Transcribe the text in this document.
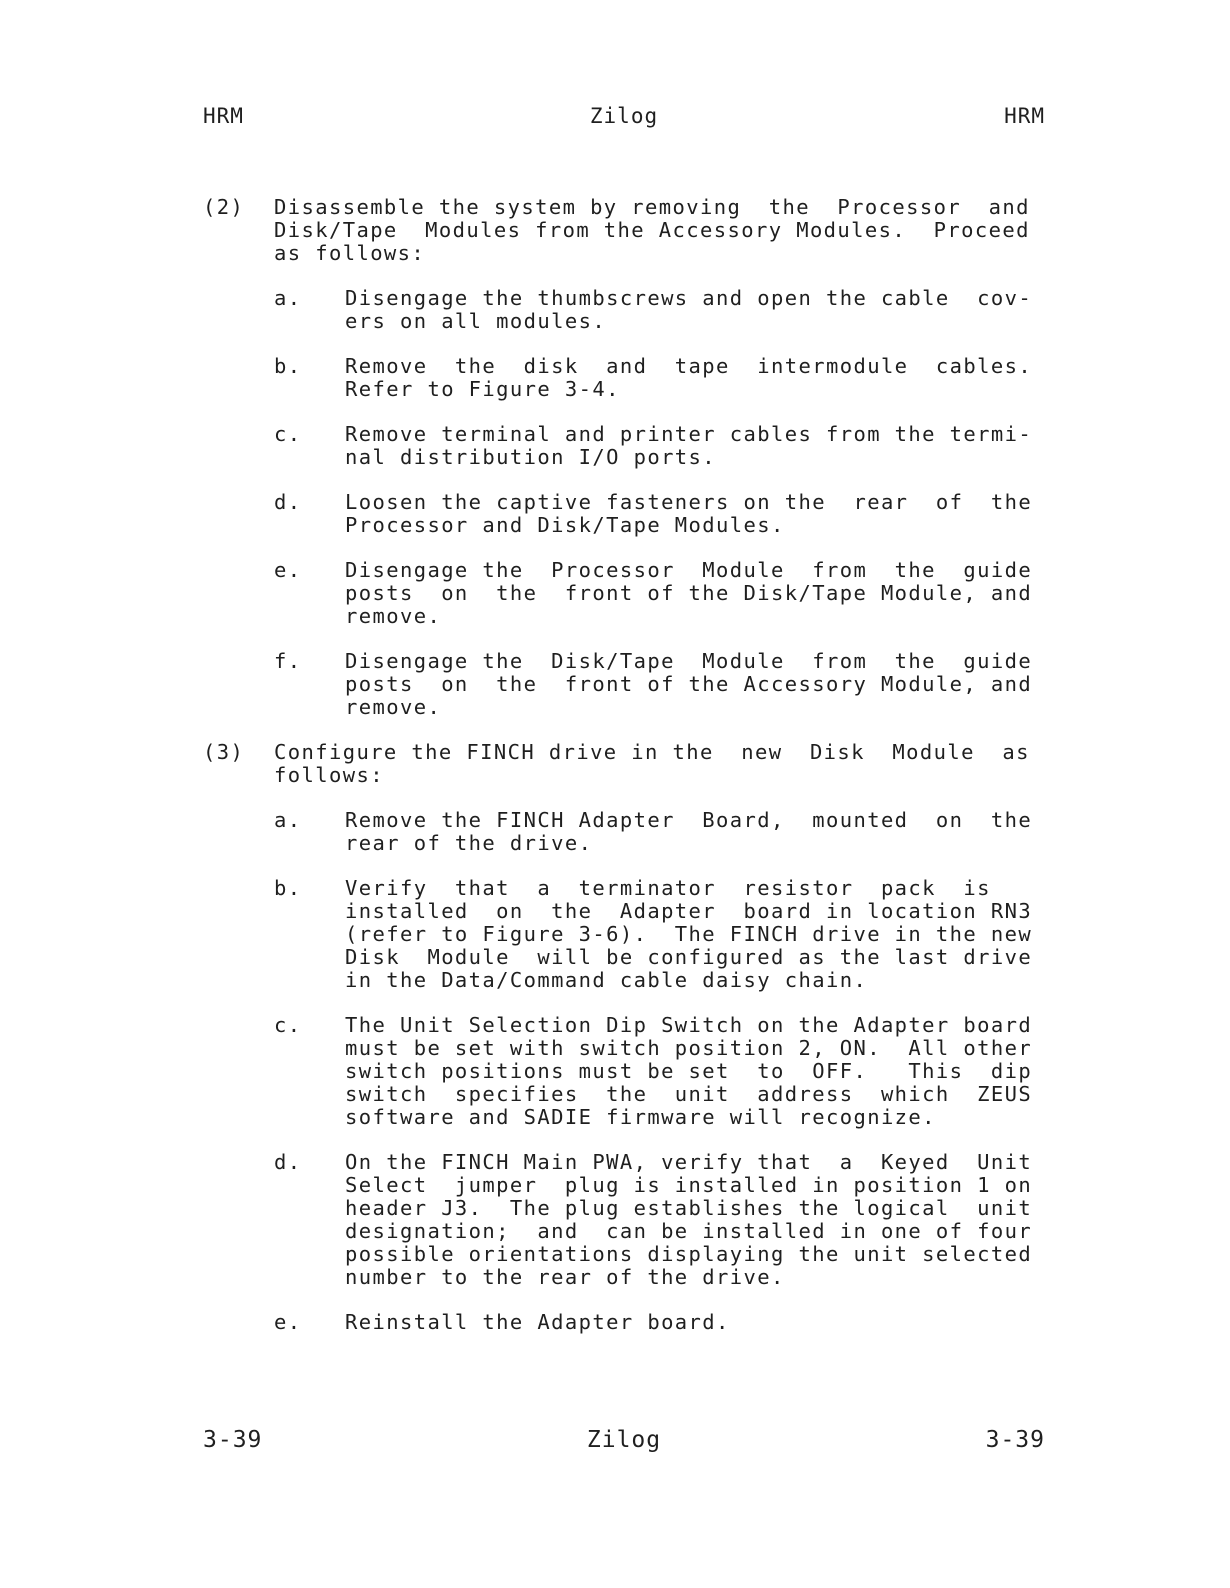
HRM	Zilog	HRM
(2)	Disassemble the system by removing  the  Processor  and
Disk/Tape  Modules from the Accessory Modules.  Proceed
as follows:
a.	Disengage the thumbscrews and open the cable  cov-
ers on all modules.
b.	Remove  the  disk  and  tape  intermodule  cables.
Refer to Figure 3-4.
c.	Remove terminal and printer cables from the termi-
nal distribution I/O ports.
d.	Loosen the captive fasteners on the  rear  of  the
Processor and Disk/Tape Modules.
e.	Disengage the  Processor  Module  from  the  guide
posts  on  the  front of the Disk/Tape Module, and
remove.
f.	Disengage the  Disk/Tape  Module  from  the  guide
posts  on  the  front of the Accessory Module, and
remove.
(3)	Configure the FINCH drive in the  new  Disk  Module  as
follows:
a.	Remove the FINCH Adapter  Board,  mounted  on  the
rear of the drive.
b.	Verify  that  a  terminator  resistor  pack  is
installed  on  the  Adapter  board in location RN3
(refer to Figure 3-6).  The FINCH drive in the new
Disk  Module  will be configured as the last drive
in the Data/Command cable daisy chain.
c.	The Unit Selection Dip Switch on the Adapter board
must be set with switch position 2, ON.  All other
switch positions must be set  to  OFF.   This  dip
switch  specifies  the  unit  address  which  ZEUS
software and SADIE firmware will recognize.
d.	On the FINCH Main PWA, verify that  a  Keyed  Unit
Select  jumper  plug is installed in position 1 on
header J3.  The plug establishes the logical  unit
designation;  and  can be installed in one of four
possible orientations displaying the unit selected
number to the rear of the drive.
e.	Reinstall the Adapter board.
3-39	Zilog	3-39
